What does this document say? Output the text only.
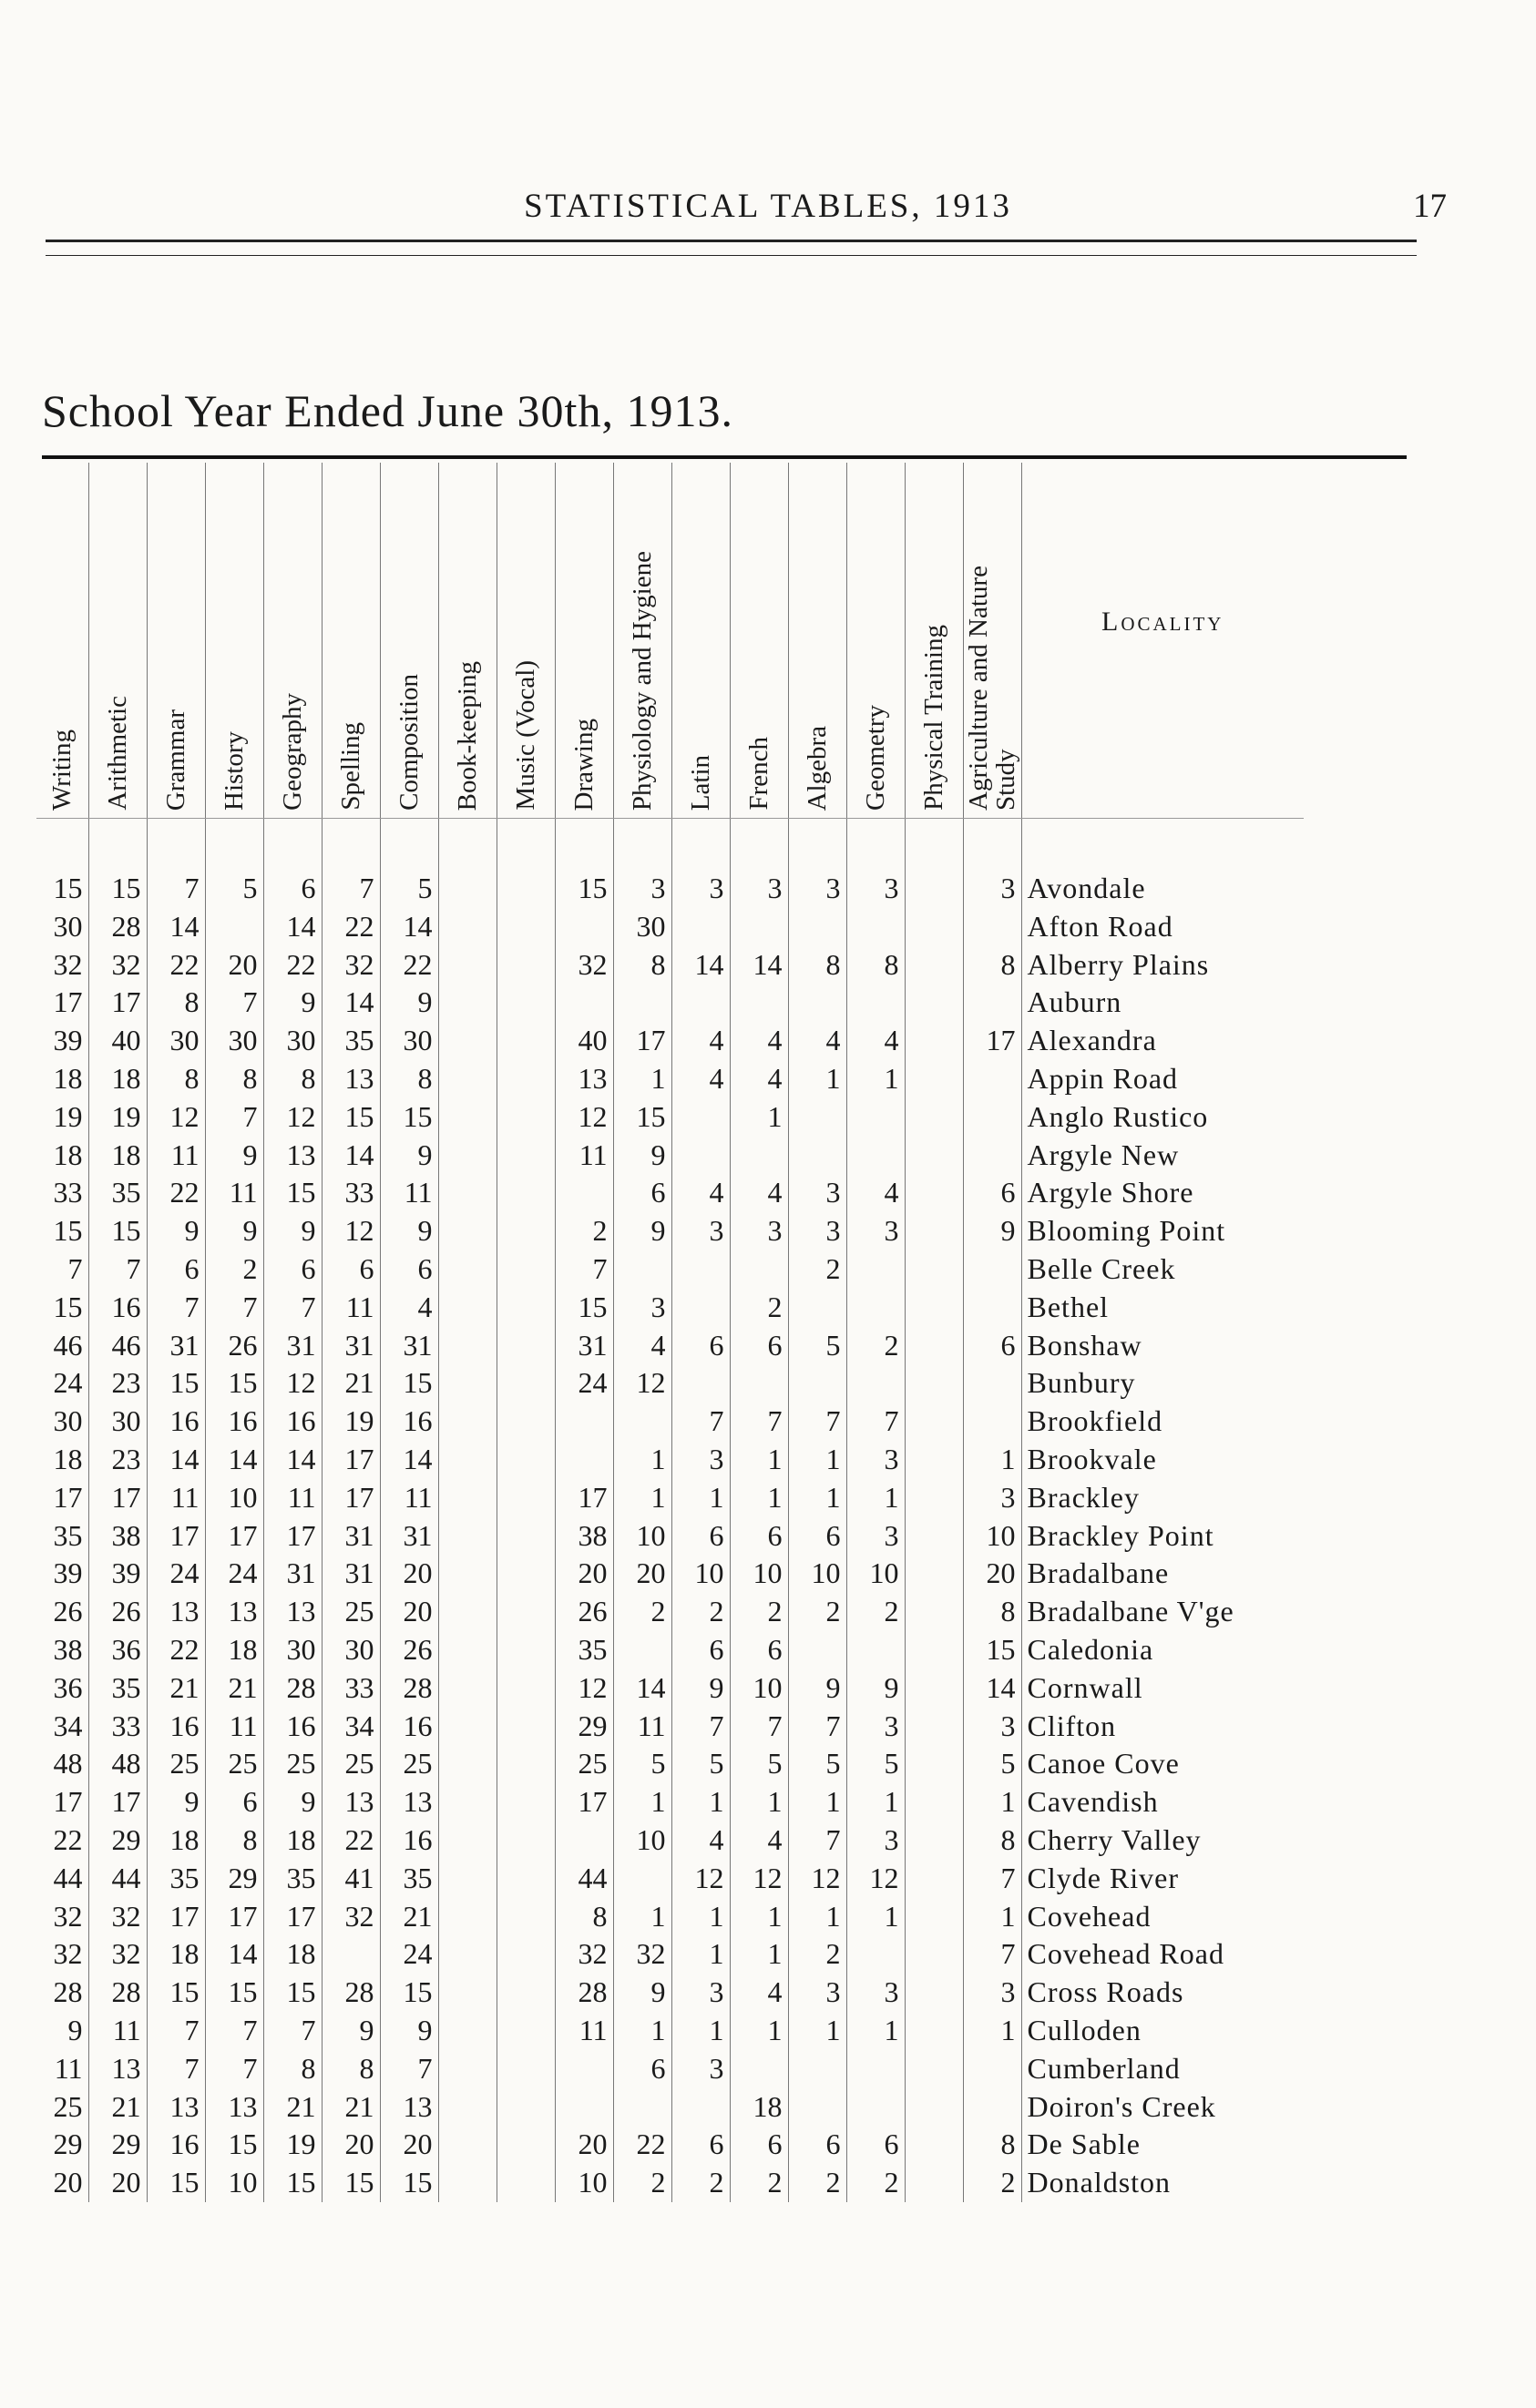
STATISTICAL TABLES, 1913	17
School Year Ended June 30th, 1913.
Writing	Arithmetic	Grammar	History	Geography	Spelling	Composition	Book-keeping	Music (Vocal)	Drawing	Physiology and Hygiene	Latin	French	Algebra	Geometry	Physical Training	Agriculture and Nature Study	Locality

15	15	7	5	6	7	5			15	3	3	3	3	3		3	Avondale
30	28	14		14	22	14				30							Afton Road
32	32	22	20	22	32	22			32	8	14	14	8	8		8	Alberry Plains
17	17	8	7	9	14	9											Auburn
39	40	30	30	30	35	30			40	17	4	4	4	4		17	Alexandra
18	18	8	8	8	13	8			13	1	4	4	1	1			Appin Road
19	19	12	7	12	15	15			12	15		1					Anglo Rustico
18	18	11	9	13	14	9			11	9							Argyle New
33	35	22	11	15	33	11				6	4	4	3	4		6	Argyle Shore
15	15	9	9	9	12	9			2	9	3	3	3	3		9	Blooming Point
7	7	6	2	6	6	6			7				2				Belle Creek
15	16	7	7	7	11	4			15	3		2					Bethel
46	46	31	26	31	31	31			31	4	6	6	5	2		6	Bonshaw
24	23	15	15	12	21	15			24	12							Bunbury
30	30	16	16	16	19	16					7	7	7	7			Brookfield
18	23	14	14	14	17	14				1	3	1	1	3		1	Brookvale
17	17	11	10	11	17	11			17	1	1	1	1	1		3	Brackley
35	38	17	17	17	31	31			38	10	6	6	6	3		10	Brackley Point
39	39	24	24	31	31	20			20	20	10	10	10	10		20	Bradalbane
26	26	13	13	13	25	20			26	2	2	2	2	2		8	Bradalbane V'ge
38	36	22	18	30	30	26			35		6	6				15	Caledonia
36	35	21	21	28	33	28			12	14	9	10	9	9		14	Cornwall
34	33	16	11	16	34	16			29	11	7	7	7	3		3	Clifton
48	48	25	25	25	25	25			25	5	5	5	5	5		5	Canoe Cove
17	17	9	6	9	13	13			17	1	1	1	1	1		1	Cavendish
22	29	18	8	18	22	16				10	4	4	7	3		8	Cherry Valley
44	44	35	29	35	41	35			44		12	12	12	12		7	Clyde River
32	32	17	17	17	32	21			8	1	1	1	1	1		1	Covehead
32	32	18	14	18		24			32	32	1	1	2			7	Covehead Road
28	28	15	15	15	28	15			28	9	3	4	3	3		3	Cross Roads
9	11	7	7	7	9	9			11	1	1	1	1	1		1	Culloden
11	13	7	7	8	8	7				6	3						Cumberland
25	21	13	13	21	21	13						18					Doiron's Creek
29	29	16	15	19	20	20			20	22	6	6	6	6		8	De Sable
20	20	15	10	15	15	15			10	2	2	2	2	2		2	Donaldston
